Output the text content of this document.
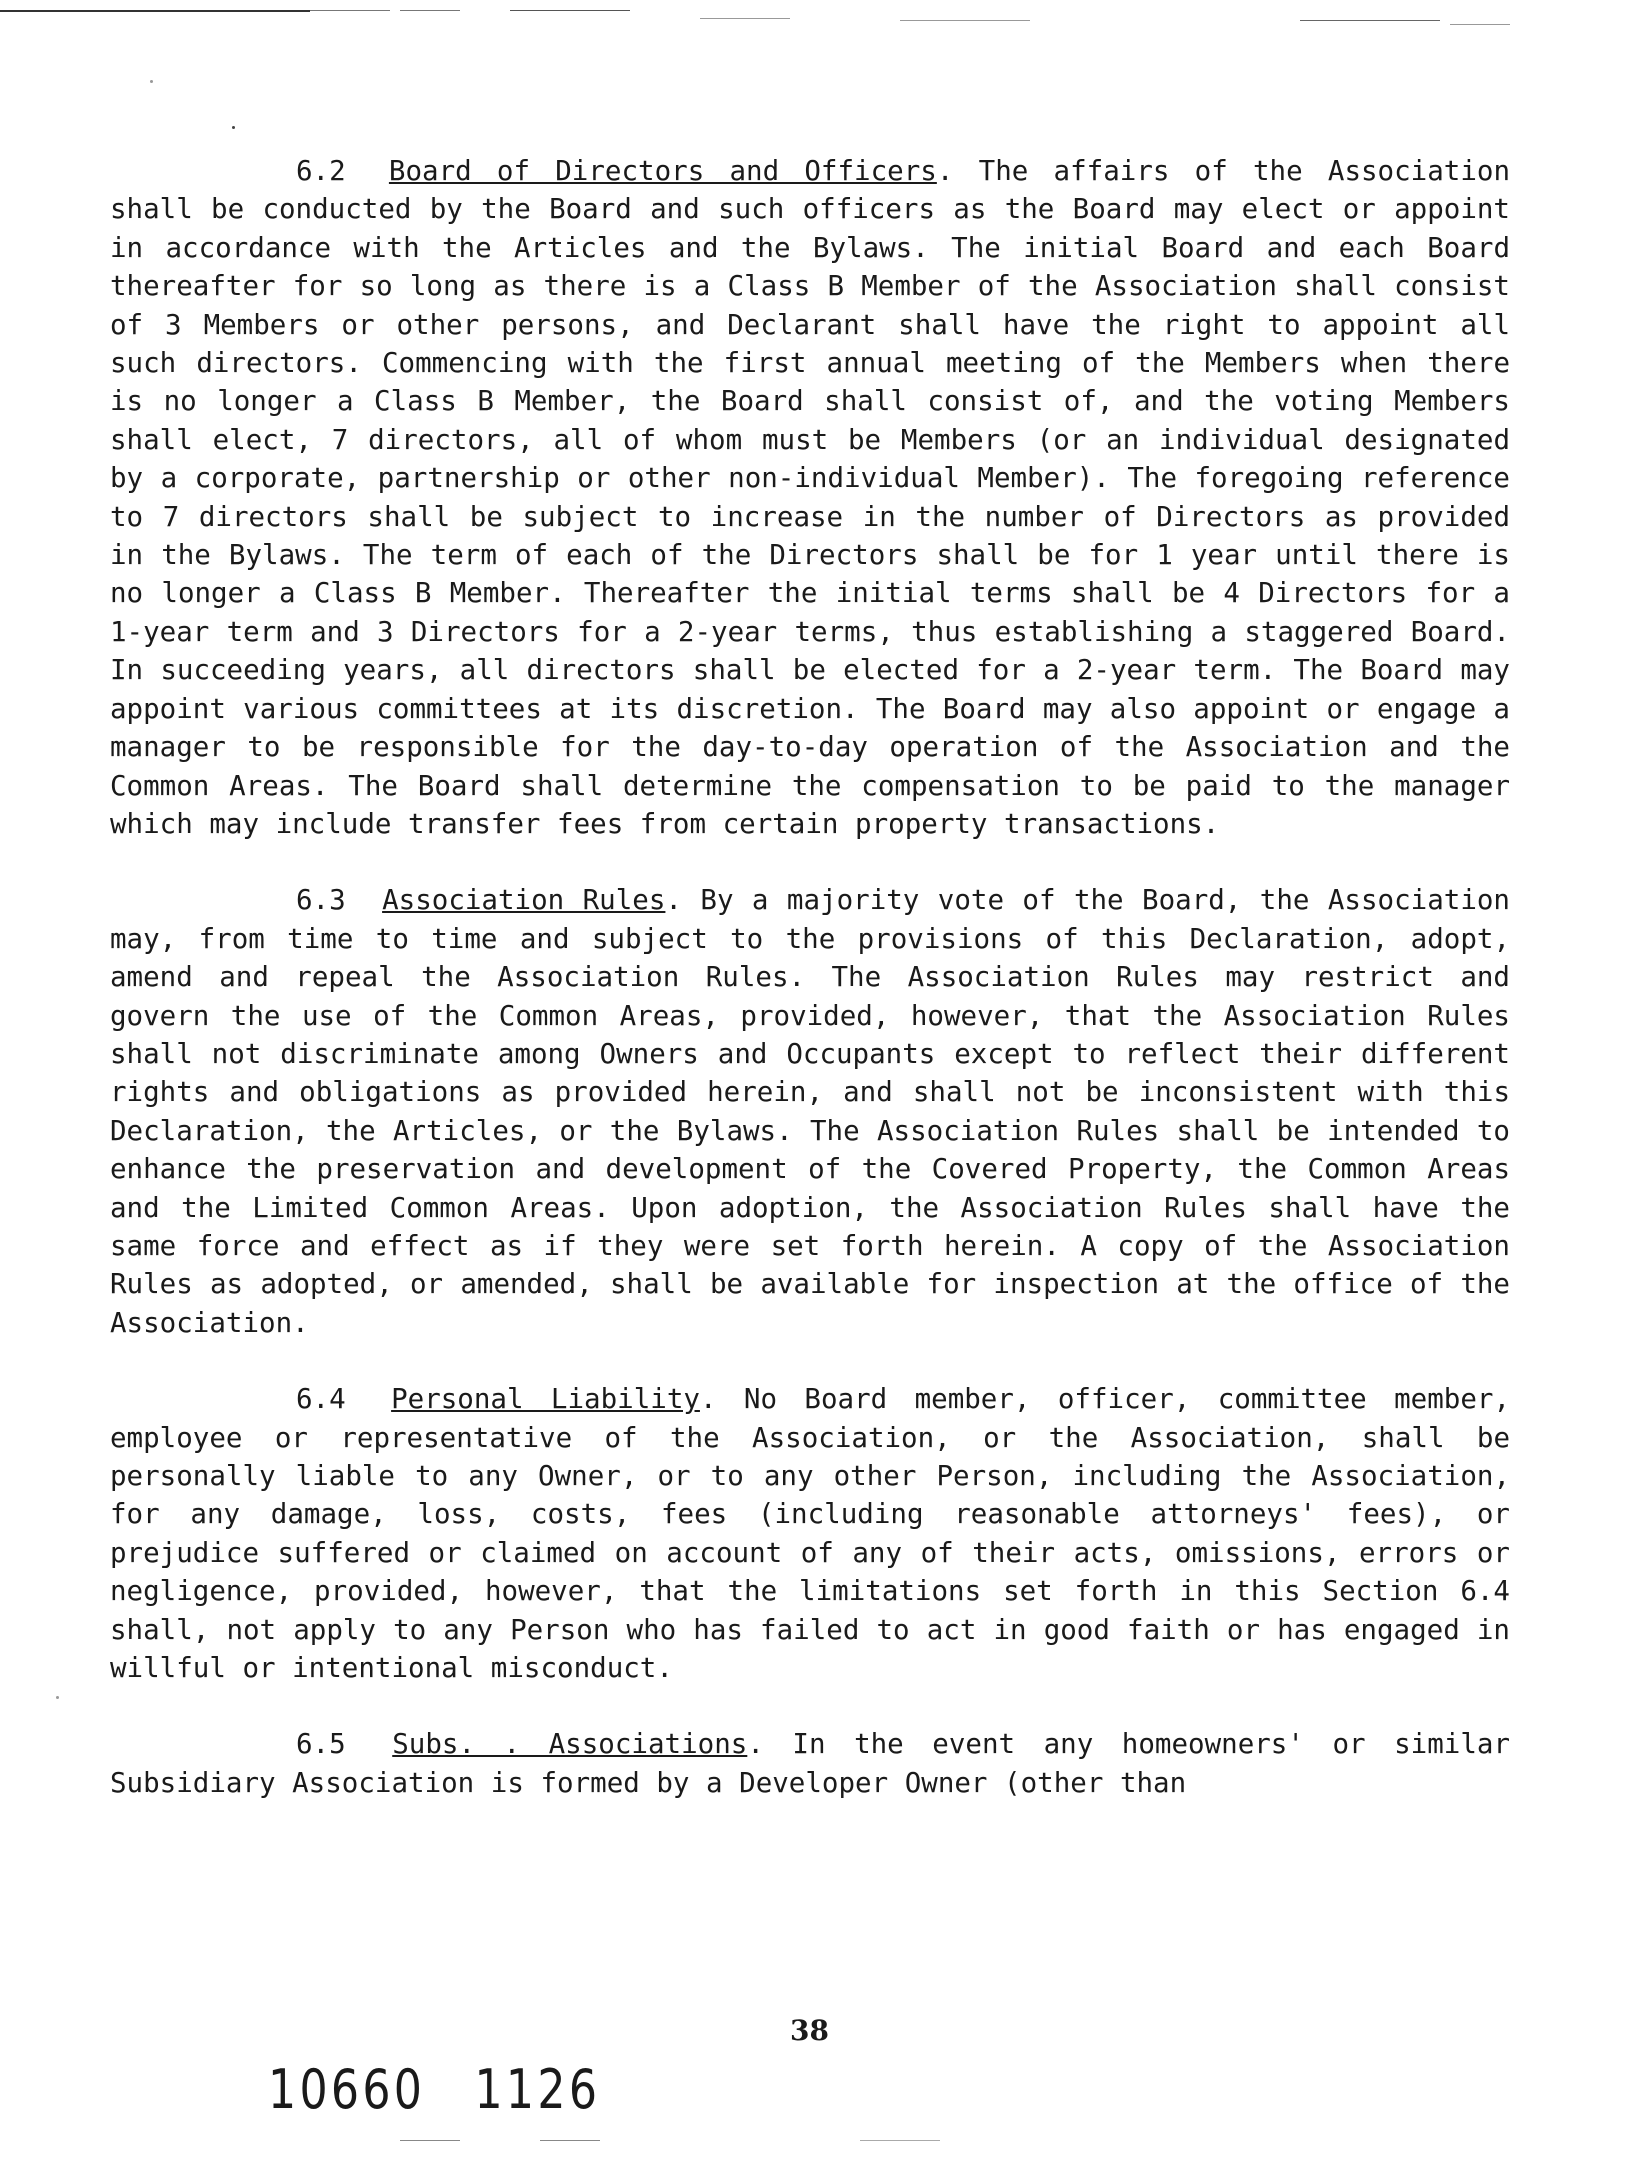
6.2 Board of Directors and Officers. The affairs of the Association shall be conducted by the Board and such officers as the Board may elect or appoint in accordance with the Articles and the Bylaws. The initial Board and each Board thereafter for so long as there is a Class B Member of the Association shall consist of 3 Members or other persons, and Declarant shall have the right to appoint all such directors. Commencing with the first annual meeting of the Members when there is no longer a Class B Member, the Board shall consist of, and the voting Members shall elect, 7 directors, all of whom must be Members (or an individual designated by a corporate, partnership or other non-individual Member). The foregoing reference to 7 directors shall be subject to increase in the number of Directors as provided in the Bylaws. The term of each of the Directors shall be for 1 year until there is no longer a Class B Member. Thereafter the initial terms shall be 4 Directors for a 1-year term and 3 Directors for a 2-year terms, thus establishing a staggered Board. In succeeding years, all directors shall be elected for a 2-year term. The Board may appoint various committees at its discretion. The Board may also appoint or engage a manager to be responsible for the day-to-day operation of the Association and the Common Areas. The Board shall determine the compensation to be paid to the manager which may include transfer fees from certain property transactions.

6.3 Association Rules. By a majority vote of the Board, the Association may, from time to time and subject to the provisions of this Declaration, adopt, amend and repeal the Association Rules. The Association Rules may restrict and govern the use of the Common Areas, provided, however, that the Association Rules shall not discriminate among Owners and Occupants except to reflect their different rights and obligations as provided herein, and shall not be inconsistent with this Declaration, the Articles, or the Bylaws. The Association Rules shall be intended to enhance the preservation and development of the Covered Property, the Common Areas and the Limited Common Areas. Upon adoption, the Association Rules shall have the same force and effect as if they were set forth herein. A copy of the Association Rules as adopted, or amended, shall be available for inspection at the office of the Association.

6.4 Personal Liability. No Board member, officer, committee member, employee or representative of the Association, or the Association, shall be personally liable to any Owner, or to any other Person, including the Association, for any damage, loss, costs, fees (including reasonable attorneys' fees), or prejudice suffered or claimed on account of any of their acts, omissions, errors or negligence, provided, however, that the limitations set forth in this Section 6.4 shall, not apply to any Person who has failed to act in good faith or has engaged in willful or intentional misconduct.

6.5 Subs. . Associations. In the event any homeowners' or similar Subsidiary Association is formed by a Developer Owner (other than

38
10660 1126
